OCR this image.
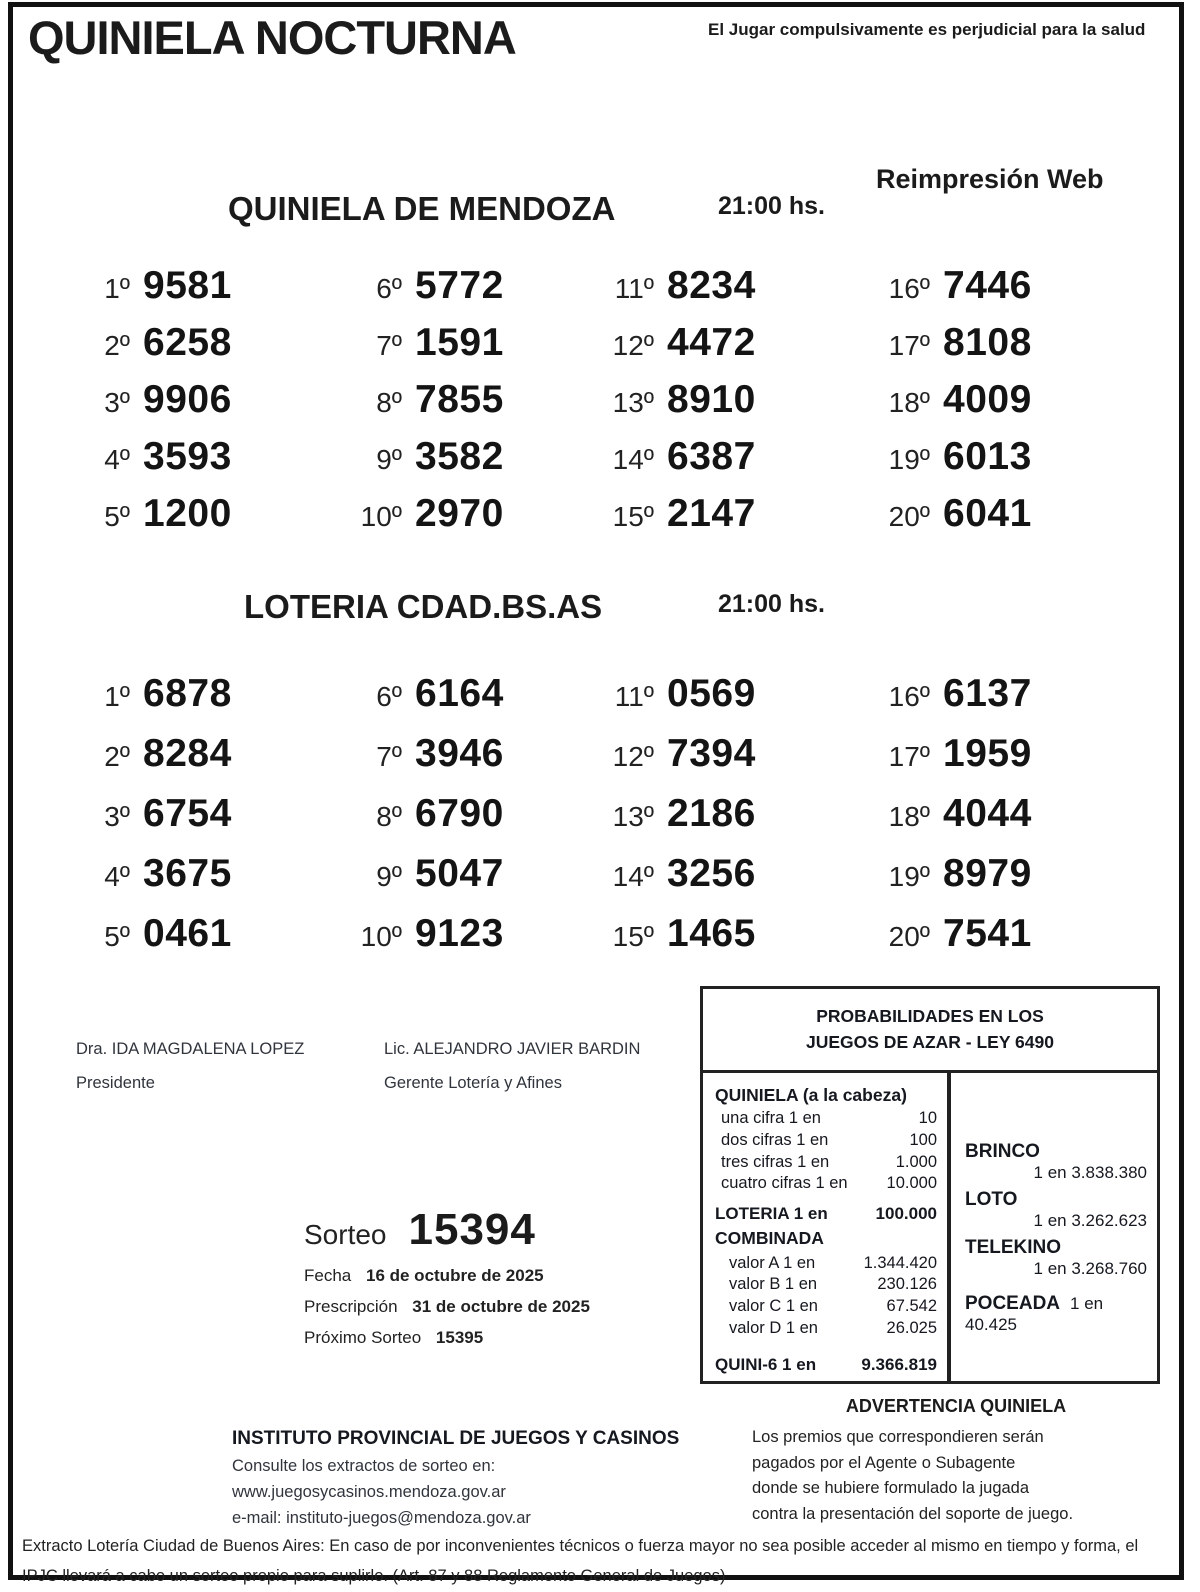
QUINIELA NOCTURNA	El Jugar compulsivamente es perjudicial para la salud
Reimpresión Web
QUINIELA DE MENDOZA	21:00 hs.
1º 9581
2º 6258
3º 9906
4º 3593
5º 1200
6º 5772
7º 1591
8º 7855
9º 3582
10º 2970
11º 8234
12º 4472
13º 8910
14º 6387
15º 2147
16º 7446
17º 8108
18º 4009
19º 6013
20º 6041
LOTERIA CDAD.BS.AS	21:00 hs.
1º 6878
2º 8284
3º 6754
4º 3675
5º 0461
6º 6164
7º 3946
8º 6790
9º 5047
10º 9123
11º 0569
12º 7394
13º 2186
14º 3256
15º 1465
16º 6137
17º 1959
18º 4044
19º 8979
20º 7541
Dra. IDA MAGDALENA LOPEZ
Presidente
Lic. ALEJANDRO JAVIER BARDIN
Gerente Lotería y Afines
PROBABILIDADES EN LOS
JUEGOS DE AZAR - LEY 6490
QUINIELA (a la cabeza)
una cifra 1 en	10
dos cifras 1 en	100
tres cifras 1 en	1.000
cuatro cifras 1 en 10.000
LOTERIA 1 en	100.000
COMBINADA
valor A 1 en	1.344.420
valor B 1 en	230.126
valor C 1 en	67.542
valor D 1 en	26.025
QUINI-6 1 en	9.366.819
BRINCO
1 en 3.838.380
LOTO
1 en 3.262.623
TELEKINO
1 en 3.268.760
POCEADA 1 en 40.425
Sorteo 15394
Fecha 16 de octubre de 2025
Prescripción 31 de octubre de 2025
Próximo Sorteo 15395
ADVERTENCIA QUINIELA
Los premios que correspondieren serán
pagados por el Agente o Subagente
donde se hubiere formulado la jugada
contra la presentación del soporte de juego.
INSTITUTO PROVINCIAL DE JUEGOS Y CASINOS
Consulte los extractos de sorteo en:
www.juegosycasinos.mendoza.gov.ar
e-mail: instituto-juegos@mendoza.gov.ar
Extracto Lotería Ciudad de Buenos Aires: En caso de por inconvenientes técnicos o fuerza mayor no sea posible acceder al mismo en tiempo y forma, el IPJC llevará a cabo un sorteo propio para suplirlo. (Art. 87 y 88 Reglamento General de Juegos)
